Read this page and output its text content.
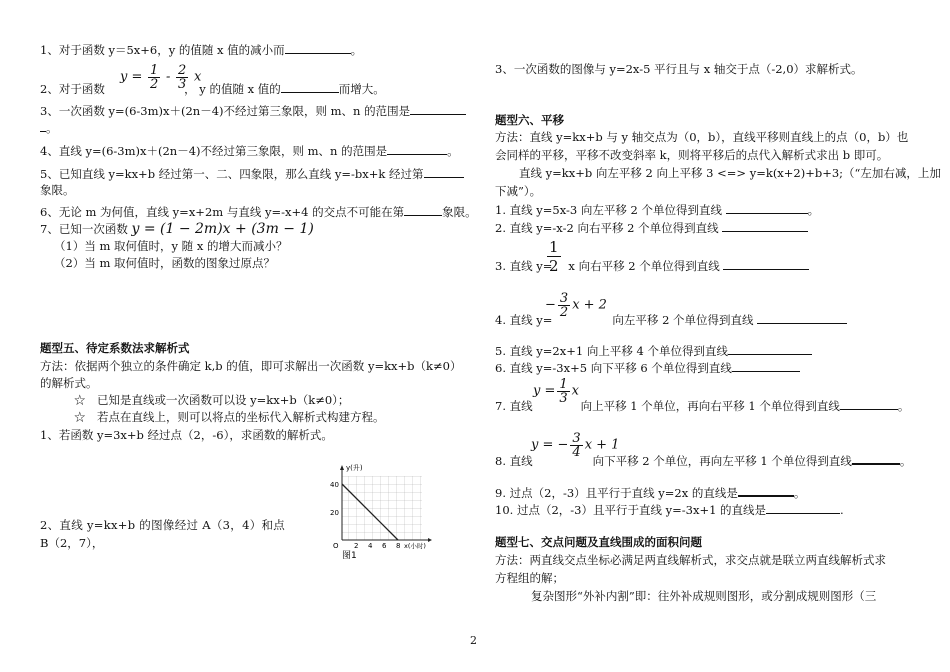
1、对于函数 y＝5x+6，y 的值随 x 值的减小而	。
2、对于函数	， y 的值随 x 值的	而增大。
$y = \frac{1}{2} - \frac{2}{3}$ x
3、一次函数 y=(6-3m)x＋(2n－4)不经过第三象限，则 m、n 的范围是
。
4、直线 y=(6-3m)x＋(2n－4)不经过第三象限，则 m、n 的范围是	。
5、已知直线 y=kx+b 经过第一、二、四象限，那么直线 y=-bx+k 经过第
象限。
6、无论 m 为何值，直线 y=x+2m 与直线 y=-x+4 的交点不可能在第	象限。
7、已知一次函数 y = (1 − 2m)x + (3m − 1)
（1）当 m 取何值时，y 随 x 的增大而减小？
（2）当 m 取何值时，函数的图象过原点？
题型五、待定系数法求解析式
方法：依据两个独立的条件确定 k,b 的值，即可求解出一次函数 y=kx+b（k≠0）
的解析式。
☆　已知是直线或一次函数可以设 y=kx+b（k≠0）；
☆　若点在直线上，则可以将点的坐标代入解析式构建方程。
1、若函数 y=3x+b 经过点（2，-6），求函数的解析式。
2、直线 y=kx+b 的图像经过 A（3，4）和点
B（2，7），
y(升)
40
20
O 2 4 6 8 x(小时)
图1
3、一次函数的图像与 y=2x-5 平行且与 x 轴交于点（-2,0）求解析式。
题型六、平移
方法：直线 y=kx+b 与 y 轴交点为（0，b），直线平移则直线上的点（0，b）也
会同样的平移，平移不改变斜率 k，则将平移后的点代入解析式求出 b 即可。
直线 y=kx+b 向左平移 2 向上平移 3 <=> y=k(x+2)+b+3;（“左加右减，上加
下减”）。
1. 直线 y=5x-3 向左平移 2 个单位得到直线	。
2. 直线 y=-x-2 向右平移 2 个单位得到直线
$\frac{1}{2}$
3. 直线 y= x 向右平移 2 个单位得到直线
− $\frac{3}{2}$ x + 2
4. 直线 y=	向左平移 2 个单位得到直线
5. 直线 y=2x+1 向上平移 4 个单位得到直线
6. 直线 y=-3x+5 向下平移 6 个单位得到直线
$y = \frac{1}{3}$ x
7. 直线	向上平移 1 个单位，再向右平移 1 个单位得到直线	。
y = − $\frac{3}{4}$ x + 1
8. 直线	向下平移 2 个单位，再向左平移 1 个单位得到直线	。
9. 过点（2，-3）且平行于直线 y=2x 的直线是	。
10. 过点（2，-3）且平行于直线 y=-3x+1 的直线是	.
题型七、交点问题及直线围成的面积问题
方法：两直线交点坐标必满足两直线解析式，求交点就是联立两直线解析式求
方程组的解；
复杂图形“外补内割”即：往外补成规则图形，或分割成规则图形（三
2
